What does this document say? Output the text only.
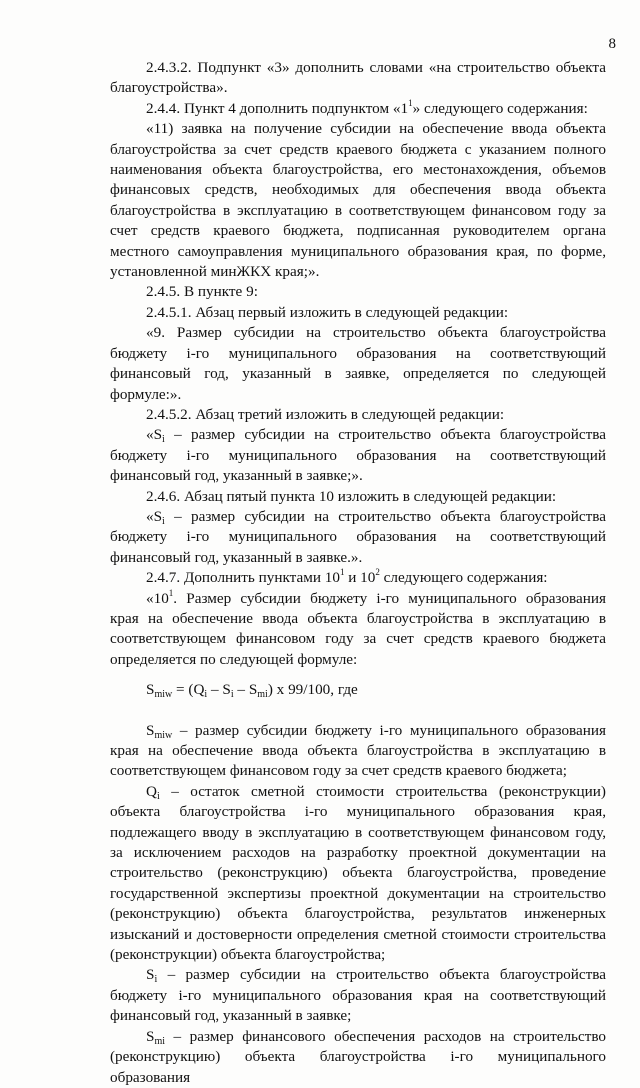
8

2.4.3.2. Подпункт «3» дополнить словами «на строительство объекта благоустройства».

2.4.4. Пункт 4 дополнить подпунктом «$1^1$» следующего содержания:

«11) заявка на получение субсидии на обеспечение ввода объекта благоустройства за счет средств краевого бюджета с указанием полного наименования объекта благоустройства, его местонахождения, объемов финансовых средств, необходимых для обеспечения ввода объекта благоустройства в эксплуатацию в соответствующем финансовом году за счет средств краевого бюджета, подписанная руководителем органа местного самоуправления муниципального образования края, по форме, установленной минЖКХ края;».

2.4.5. В пункте 9:

2.4.5.1. Абзац первый изложить в следующей редакции:

«9. Размер субсидии на строительство объекта благоустройства бюджету i-го муниципального образования на соответствующий финансовый год, указанный в заявке, определяется по следующей формуле:».

2.4.5.2. Абзац третий изложить в следующей редакции:

«$S_i$ – размер субсидии на строительство объекта благоустройства бюджету i-го муниципального образования на соответствующий финансовый год, указанный в заявке;».

2.4.6. Абзац пятый пункта 10 изложить в следующей редакции:

«$S_i$ – размер субсидии на строительство объекта благоустройства бюджету i-го муниципального образования на соответствующий финансовый год, указанный в заявке.».

2.4.7. Дополнить пунктами $10^1$ и $10^2$ следующего содержания:

«$10^1$. Размер субсидии бюджету i-го муниципального образования края на обеспечение ввода объекта благоустройства в эксплуатацию в соответствующем финансовом году за счет средств краевого бюджета определяется по следующей формуле:

$S_{miw} = (Q_i - S_i - S_{mi})$ x 99/100, где

$S_{miw}$ – размер субсидии бюджету i-го муниципального образования края на обеспечение ввода объекта благоустройства в эксплуатацию в соответствующем финансовом году за счет средств краевого бюджета;

$Q_i$ – остаток сметной стоимости строительства (реконструкции) объекта благоустройства i-го муниципального образования края, подлежащего вводу в эксплуатацию в соответствующем финансовом году, за исключением расходов на разработку проектной документации на строительство (реконструкцию) объекта благоустройства, проведение государственной экспертизы проектной документации на строительство (реконструкцию) объекта благоустройства, результатов инженерных изысканий и достоверности определения сметной стоимости строительства (реконструкции) объекта благоустройства;

$S_i$ – размер субсидии на строительство объекта благоустройства бюджету i-го муниципального образования края на соответствующий финансовый год, указанный в заявке;

$S_{mi}$ – размер финансового обеспечения расходов на строительство (реконструкцию) объекта благоустройства i-го муниципального образования
